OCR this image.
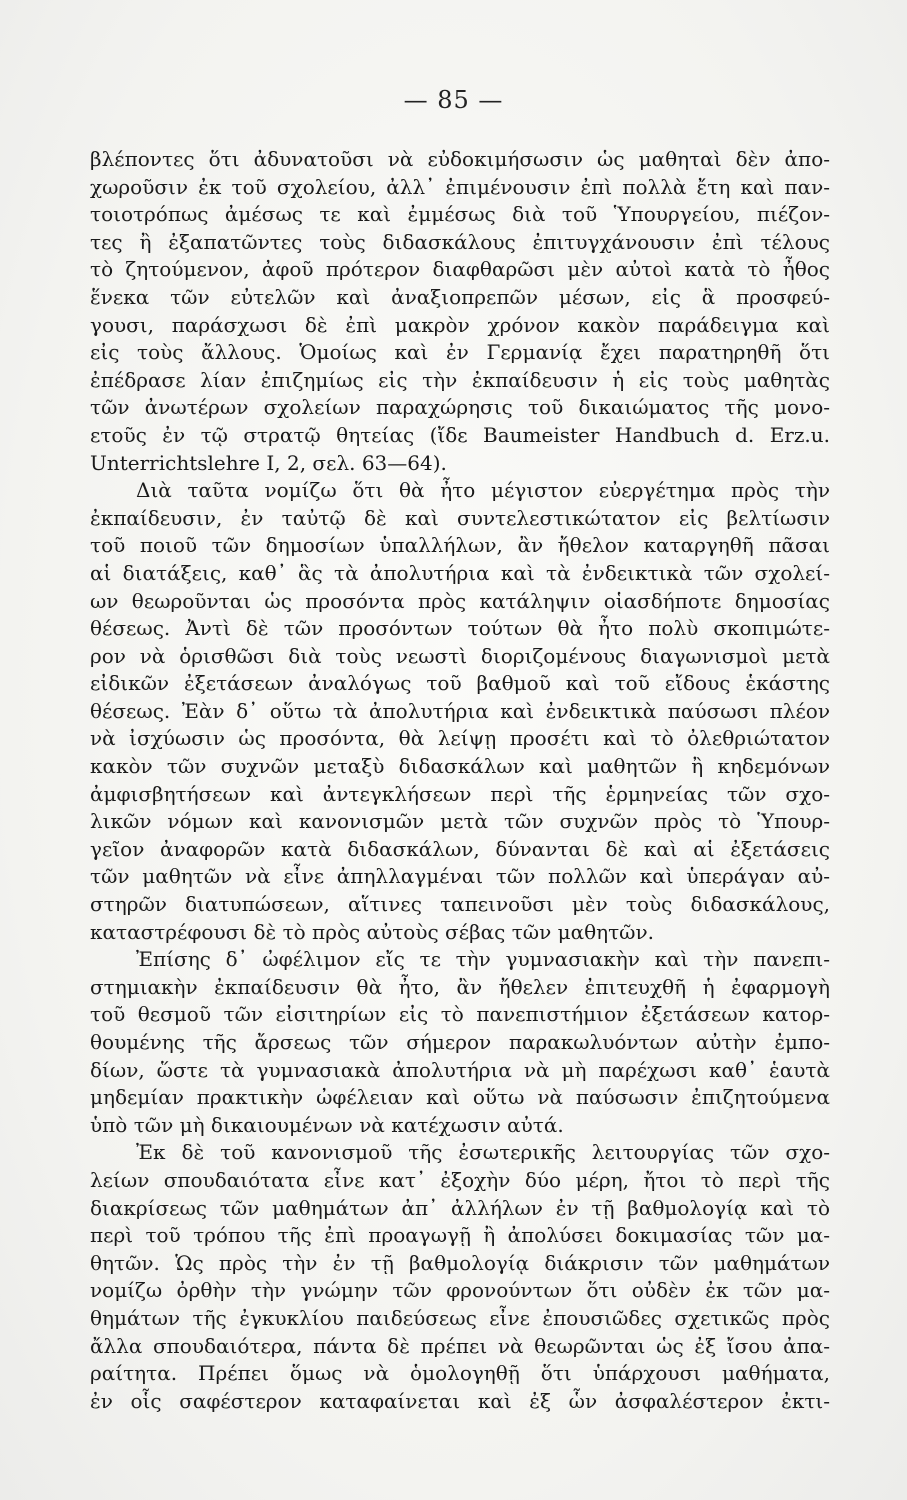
— 85 —
βλέποντες ὅτι ἀδυνατοῦσι νὰ εὐδοκιμήσωσιν ὡς μαθηταὶ δὲν ἀπο-
χωροῦσιν ἐκ τοῦ σχολείου, ἀλλ᾽ ἐπιμένουσιν ἐπὶ πολλὰ ἔτη καὶ παν-
τοιοτρόπως ἀμέσως τε καὶ ἐμμέσως διὰ τοῦ Ὑπουργείου, πιέζον-
τες ἢ ἐξαπατῶντες τοὺς διδασκάλους ἐπιτυγχάνουσιν ἐπὶ τέλους
τὸ ζητούμενον, ἀφοῦ πρότερον διαφθαρῶσι μὲν αὐτοὶ κατὰ τὸ ἦθος
ἕνεκα τῶν εὐτελῶν καὶ ἀναξιοπρεπῶν μέσων, εἰς ἃ προσφεύ-
γουσι, παράσχωσι δὲ ἐπὶ μακρὸν χρόνον κακὸν παράδειγμα καὶ
εἰς τοὺς ἄλλους. Ὁμοίως καὶ ἐν Γερμανίᾳ ἔχει παρατηρηθῆ ὅτι
ἐπέδρασε λίαν ἐπιζημίως εἰς τὴν ἐκπαίδευσιν ἡ εἰς τοὺς μαθητὰς
τῶν ἀνωτέρων σχολείων παραχώρησις τοῦ δικαιώματος τῆς μονο-
ετοῦς ἐν τῷ στρατῷ θητείας (ἴδε Baumeister Handbuch d. Erz.u.
Unterrichtslehre I, 2, σελ. 63—64).
Διὰ ταῦτα νομίζω ὅτι θὰ ἦτο μέγιστον εὐεργέτημα πρὸς τὴν
ἐκπαίδευσιν, ἐν ταὐτῷ δὲ καὶ συντελεστικώτατον εἰς βελτίωσιν
τοῦ ποιοῦ τῶν δημοσίων ὑπαλλήλων, ἂν ἤθελον καταργηθῆ πᾶσαι
αἱ διατάξεις, καθ᾽ ἃς τὰ ἀπολυτήρια καὶ τὰ ἐνδεικτικὰ τῶν σχολεί-
ων θεωροῦνται ὡς προσόντα πρὸς κατάληψιν οἱασδήποτε δημοσίας
θέσεως. Ἀντὶ δὲ τῶν προσόντων τούτων θὰ ἦτο πολὺ σκοπιμώτε-
ρον νὰ ὁρισθῶσι διὰ τοὺς νεωστὶ διοριζομένους διαγωνισμοὶ μετὰ
εἰδικῶν ἐξετάσεων ἀναλόγως τοῦ βαθμοῦ καὶ τοῦ εἴδους ἑκάστης
θέσεως. Ἐὰν δ᾽ οὕτω τὰ ἀπολυτήρια καὶ ἐνδεικτικὰ παύσωσι πλέον
νὰ ἰσχύωσιν ὡς προσόντα, θὰ λείψῃ προσέτι καὶ τὸ ὀλεθριώτατον
κακὸν τῶν συχνῶν μεταξὺ διδασκάλων καὶ μαθητῶν ἢ κηδεμόνων
ἀμφισβητήσεων καὶ ἀντεγκλήσεων περὶ τῆς ἑρμηνείας τῶν σχο-
λικῶν νόμων καὶ κανονισμῶν μετὰ τῶν συχνῶν πρὸς τὸ Ὑπουρ-
γεῖον ἀναφορῶν κατὰ διδασκάλων, δύνανται δὲ καὶ αἱ ἐξετάσεις
τῶν μαθητῶν νὰ εἶνε ἀπηλλαγμέναι τῶν πολλῶν καὶ ὑπεράγαν αὐ-
στηρῶν διατυπώσεων, αἵτινες ταπεινοῦσι μὲν τοὺς διδασκάλους,
καταστρέφουσι δὲ τὸ πρὸς αὐτοὺς σέβας τῶν μαθητῶν.
Ἐπίσης δ᾽ ὠφέλιμον εἴς τε τὴν γυμνασιακὴν καὶ τὴν πανεπι-
στημιακὴν ἐκπαίδευσιν θὰ ἦτο, ἂν ἤθελεν ἐπιτευχθῆ ἡ ἐφαρμογὴ
τοῦ θεσμοῦ τῶν εἰσιτηρίων εἰς τὸ πανεπιστήμιον ἐξετάσεων κατορ-
θουμένης τῆς ἄρσεως τῶν σήμερον παρακωλυόντων αὐτὴν ἐμπο-
δίων, ὥστε τὰ γυμνασιακὰ ἀπολυτήρια νὰ μὴ παρέχωσι καθ᾽ ἑαυτὰ
μηδεμίαν πρακτικὴν ὠφέλειαν καὶ οὕτω νὰ παύσωσιν ἐπιζητούμενα
ὑπὸ τῶν μὴ δικαιουμένων νὰ κατέχωσιν αὐτά.
Ἐκ δὲ τοῦ κανονισμοῦ τῆς ἐσωτερικῆς λειτουργίας τῶν σχο-
λείων σπουδαιότατα εἶνε κατ᾽ ἐξοχὴν δύο μέρη, ἤτοι τὸ περὶ τῆς
διακρίσεως τῶν μαθημάτων ἀπ᾽ ἀλλήλων ἐν τῇ βαθμολογίᾳ καὶ τὸ
περὶ τοῦ τρόπου τῆς ἐπὶ προαγωγῇ ἢ ἀπολύσει δοκιμασίας τῶν μα-
θητῶν. Ὡς πρὸς τὴν ἐν τῇ βαθμολογίᾳ διάκρισιν τῶν μαθημάτων
νομίζω ὀρθὴν τὴν γνώμην τῶν φρονούντων ὅτι οὐδὲν ἐκ τῶν μα-
θημάτων τῆς ἐγκυκλίου παιδεύσεως εἶνε ἐπουσιῶδες σχετικῶς πρὸς
ἄλλα σπουδαιότερα, πάντα δὲ πρέπει νὰ θεωρῶνται ὡς ἐξ ἴσου ἀπα-
ραίτητα. Πρέπει ὅμως νὰ ὁμολογηθῇ ὅτι ὑπάρχουσι μαθήματα,
ἐν οἷς σαφέστερον καταφαίνεται καὶ ἐξ ὧν ἀσφαλέστερον ἐκτι-
